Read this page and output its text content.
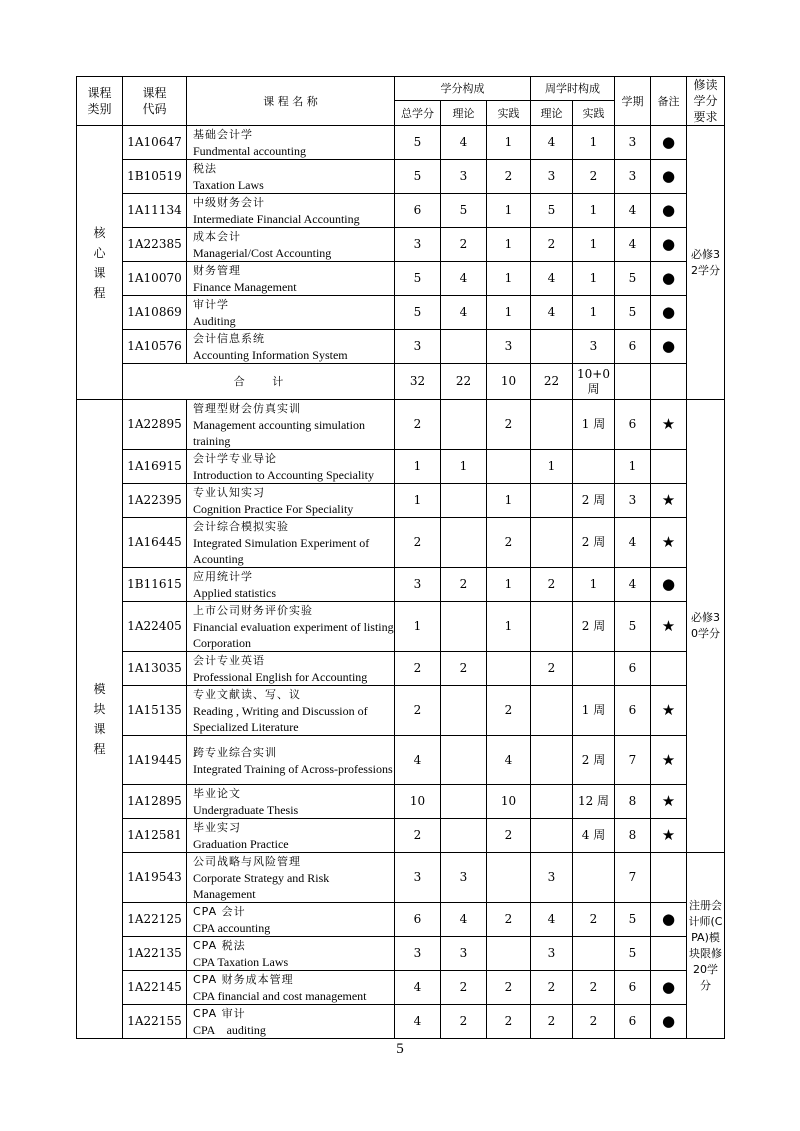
课程类别	课程代码	课 程 名 称	学分构成			周学时构成		学期	备注	修读学分要求
			总学分	理论	实践	理论	实践			
核心课程	1A10647	基础会计学
Fundmental accounting	5	4	1	4	1	3	●	必修32学分
	1B10519	税法
Taxation Laws	5	3	2	3	2	3	●	
	1A11134	中级财务会计
Intermediate Financial Accounting	6	5	1	5	1	4	●	
	1A22385	成本会计
Managerial/Cost Accounting	3	2	1	2	1	4	●	
	1A10070	财务管理
Finance Management	5	4	1	4	1	5	●	
	1A10869	审计学
Auditing	5	4	1	4	1	5	●	
	1A10576	会计信息系统
Accounting Information System	3		3		3	6	●	
	合 计		32	22	10	22	10+0 周			
模块课程	1A22895	管理型财会仿真实训
Management accounting simulation training	2		2		1 周	6	★	必修30学分
	1A16915	会计学专业导论
Introduction to Accounting Speciality	1	1		1		1		
	1A22395	专业认知实习
Cognition Practice For Speciality	1		1		2 周	3	★	
	1A16445	会计综合模拟实验
Integrated Simulation Experiment of Acounting	2		2		2 周	4	★	
	1B11615	应用统计学
Applied statistics	3	2	1	2	1	4	●	
	1A22405	上市公司财务评价实验
Financial evaluation experiment of listing Corporation	1		1		2 周	5	★	
	1A13035	会计专业英语
Professional English for Accounting	2	2		2		6		
	1A15135	专业文献读、写、议
Reading , Writing and Discussion of Specialized Literature	2		2		1 周	6	★	
	1A19445	跨专业综合实训
Integrated Training of Across-professions	4		4		2 周	7	★	
	1A12895	毕业论文
Undergraduate Thesis	10		10		12 周	8	★	
	1A12581	毕业实习
Graduation Practice	2		2		4 周	8	★	
	1A19543	公司战略与风险管理
Corporate Strategy and Risk Management	3	3		3		7		注册会计师(CPA)模块限修20学分
	1A22125	CPA 会计
CPA accounting	6	4	2	4	2	5	●	
	1A22135	CPA 税法
CPA Taxation Laws	3	3		3		5		
	1A22145	CPA 财务成本管理
CPA financial and cost management	4	2	2	2	2	6	●	
	1A22155	CPA 审计
CPA　auditing	4	2	2	2	2	6	●	
5
